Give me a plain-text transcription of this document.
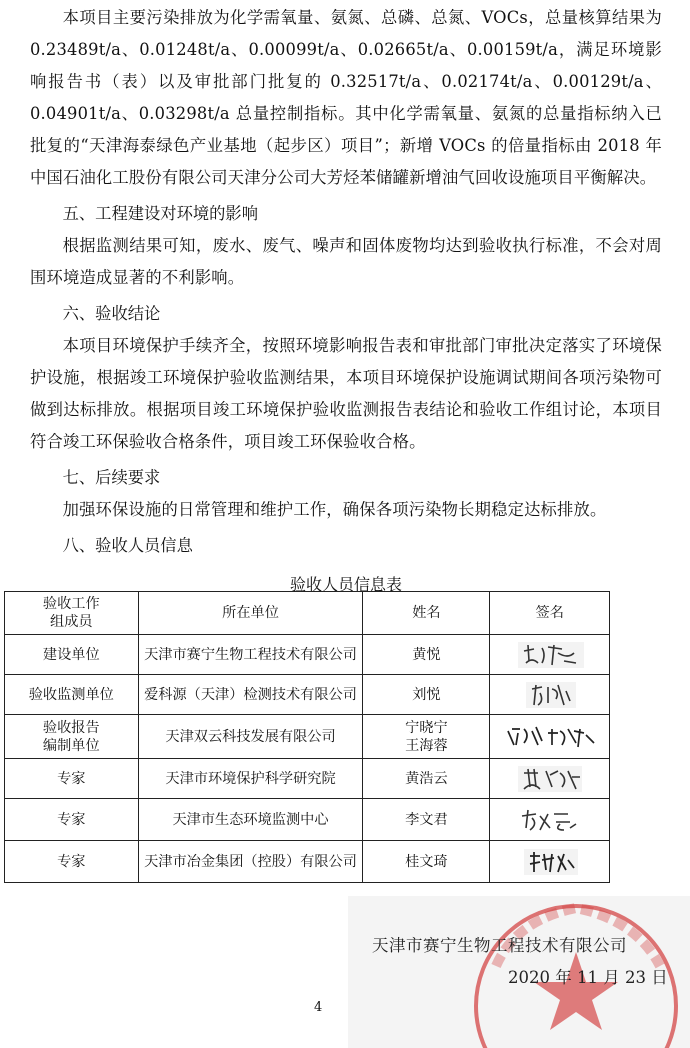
本项目主要污染排放为化学需氧量、氨氮、总磷、总氮、VOCs，总量核算结果为 0.23489t/a、0.01248t/a、0.00099t/a、0.02665t/a、0.00159t/a，满足环境影响报告书（表）以及审批部门批复的 0.32517t/a、0.02174t/a、0.00129t/a、0.04901t/a、0.03298t/a 总量控制指标。其中化学需氧量、氨氮的总量指标纳入已批复的“天津海泰绿色产业基地（起步区）项目”；新增 VOCs 的倍量指标由 2018 年中国石油化工股份有限公司天津分公司大芳烃苯储罐新增油气回收设施项目平衡解决。

五、工程建设对环境的影响

根据监测结果可知，废水、废气、噪声和固体废物均达到验收执行标准，不会对周围环境造成显著的不利影响。

六、验收结论

本项目环境保护手续齐全，按照环境影响报告表和审批部门审批决定落实了环境保护设施，根据竣工环境保护验收监测结果，本项目环境保护设施调试期间各项污染物可做到达标排放。根据项目竣工环境保护验收监测报告表结论和验收工作组讨论，本项目符合竣工环保验收合格条件，项目竣工环保验收合格。

七、后续要求

加强环保设施的日常管理和维护工作，确保各项污染物长期稳定达标排放。

八、验收人员信息

验收人员信息表
验收工作组成员	所在单位	姓名	签名
建设单位	天津市赛宁生物工程技术有限公司	黄悦	

验收监测单位	爱科源（天津）检测技术有限公司	刘悦	

验收报告编制单位	天津双云科技发展有限公司	宁晓宁 王海蓉	

专家	天津市环境保护科学研究院	黄浩云	

专家	天津市生态环境监测中心	李文君	

专家	天津市冶金集团（控股）有限公司	桂文琦	
4
天津市赛宁生物工程技术有限公司
2020 年 11 月 23 日
